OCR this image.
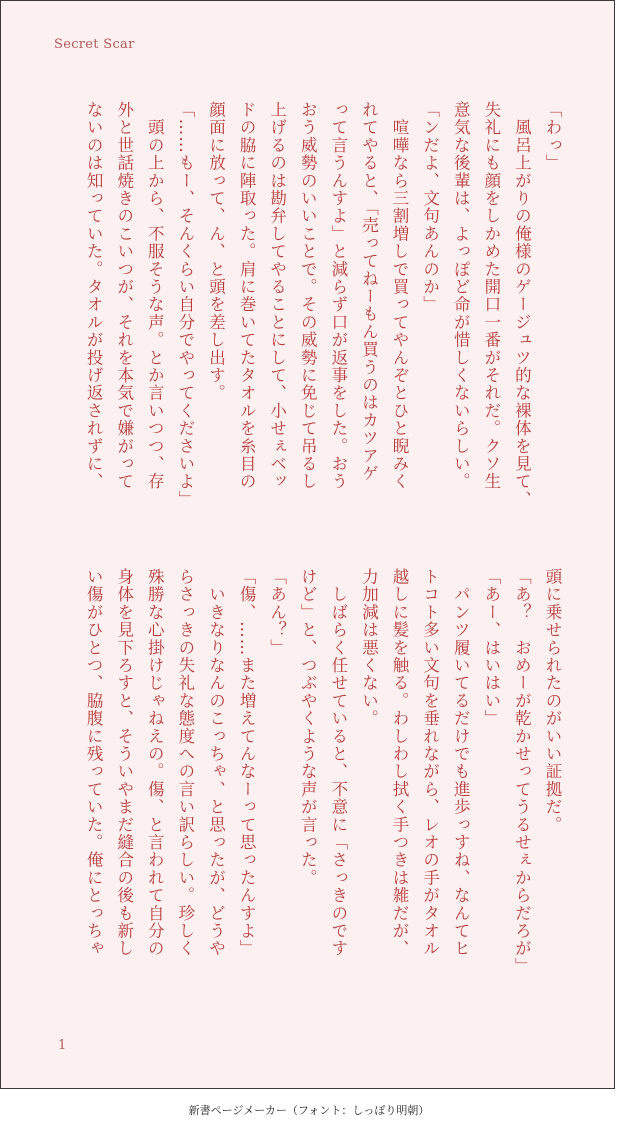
Secret Scar
「わっ」
　風呂上がりの俺様のゲージュツ的な裸体を見て、
失礼にも顔をしかめた開口一番がそれだ。クソ生
意気な後輩は、よっぽど命が惜しくないらしい。
「ンだよ、文句あんのか」
　喧嘩なら三割増しで買ってやんぞとひと睨みく
れてやると、「売ってねーもん買うのはカツアゲ
って言うんすよ」と減らず口が返事をした。おう
おう威勢のいいことで。その威勢に免じて吊るし
上げるのは勘弁してやることにして、小せぇベッ
ドの脇に陣取った。肩に巻いてたタオルを糸目の
顔面に放って、ん、と頭を差し出す。
「……もー、そんくらい自分でやってくださいよ」
　頭の上から、不服そうな声。とか言いつつ、存
外と世話焼きのこいつが、それを本気で嫌がって
ないのは知っていた。タオルが投げ返されずに、
頭に乗せられたのがいい証拠だ。
「あ？　おめーが乾かせってうるせぇからだろが」
「あー、はいはい」
　パンツ履いてるだけでも進歩っすね、なんてヒ
トコト多い文句を垂れながら、レオの手がタオル
越しに髪を触る。わしわし拭く手つきは雑だが、
力加減は悪くない。
　しばらく任せていると、不意に「さっきのです
けど」と、つぶやくような声が言った。
「あん？」
「傷、……また増えてんなーって思ったんすよ」
　いきなりなんのこっちゃ、と思ったが、どうや
らさっきの失礼な態度への言い訳らしい。珍しく
殊勝な心掛けじゃねえの。傷、と言われて自分の
身体を見下ろすと、そういやまだ縫合の後も新し
い傷がひとつ、脇腹に残っていた。俺にとっちゃ
1
新書ページメーカー（フォント：しっぽり明朝）
